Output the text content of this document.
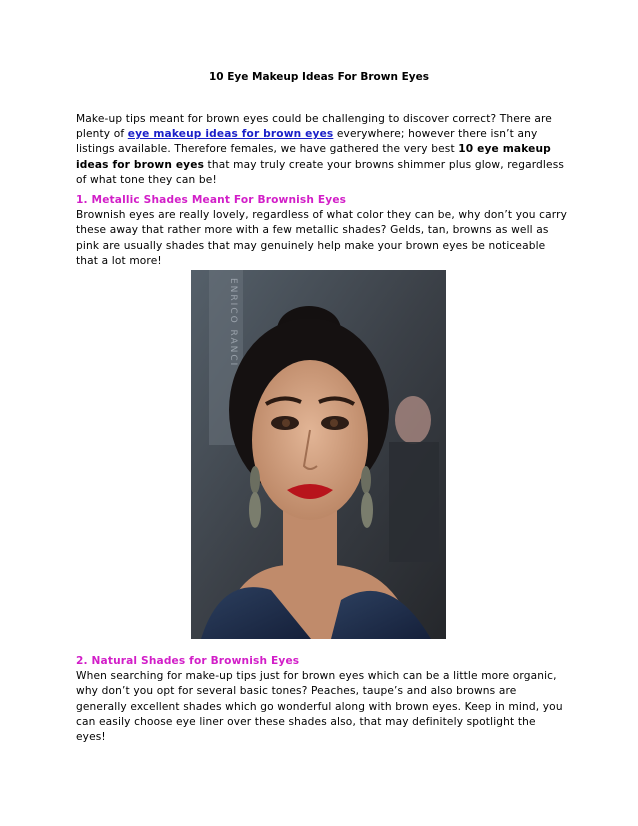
10 Eye Makeup Ideas For Brown Eyes
Make-up tips meant for brown eyes could be challenging to discover correct? There are plenty of eye makeup ideas for brown eyes everywhere; however there isn’t any listings available. Therefore females, we have gathered the very best 10 eye makeup ideas for brown eyes that may truly create your browns shimmer plus glow, regardless of what tone they can be!
1. Metallic Shades Meant For Brownish Eyes
Brownish eyes are really lovely, regardless of what color they can be, why don’t you carry these away that rather more with a few metallic shades? Gelds, tan, browns as well as pink are usually shades that may genuinely help make your brown eyes be noticeable that a lot more!
ENRICO RANCI
2. Natural Shades for Brownish Eyes
When searching for make-up tips just for brown eyes which can be a little more organic, why don’t you opt for several basic tones? Peaches, taupe’s and also browns are generally excellent shades which go wonderful along with brown eyes. Keep in mind, you can easily choose eye liner over these shades also, that may definitely spotlight the eyes!
